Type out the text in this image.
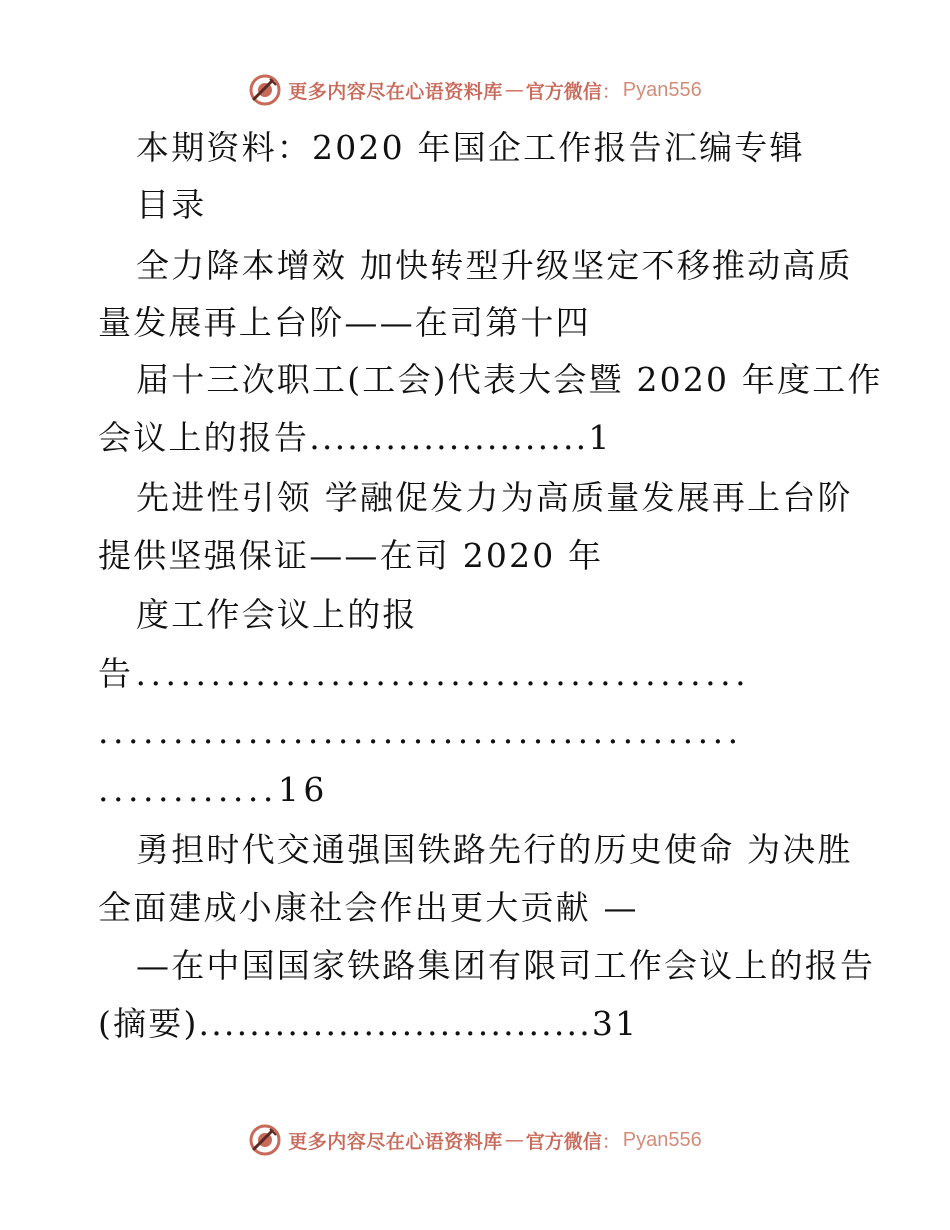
更多内容尽在心语资料库 — 官方微信 ： Pyan556
本期资料：2020 年国企工作报告汇编专辑
目录
全力降本增效 加快转型升级坚定不移推动高质
量发展再上台阶——在司第十四
届十三次职工(工会)代表大会暨 2020 年度工作
会议上的报告......................1
先进性引领 学融促发力为高质量发展再上台阶
提供坚强保证——在司 2020 年
度工作会议上的报
告.........................................
...........................................
............16
勇担时代交通强国铁路先行的历史使命 为决胜
全面建成小康社会作出更大贡献 —
—在中国国家铁路集团有限司工作会议上的报告
(摘要)...............................31
更多内容尽在心语资料库 — 官方微信 ： Pyan556
